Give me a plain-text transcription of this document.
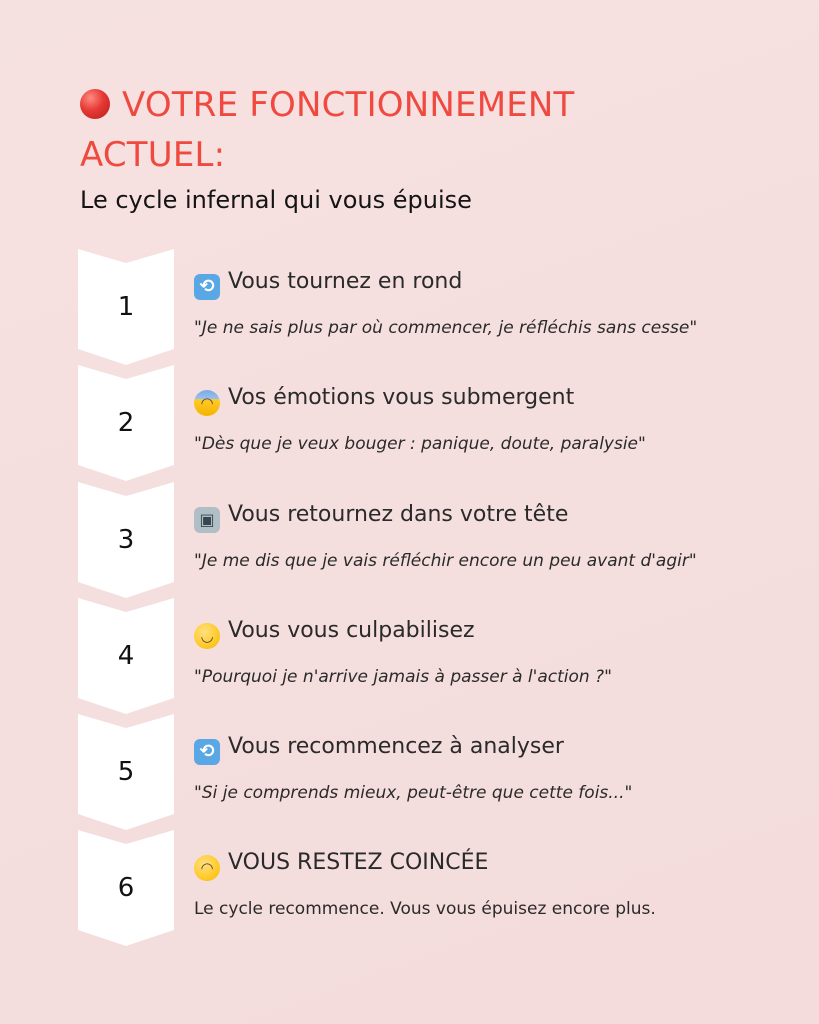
VOTRE FONCTIONNEMENT ACTUEL:
Le cycle infernal qui vous épuise
1
⟲ Vous tournez en rond
"Je ne sais plus par où commencer, je réfléchis sans cesse"
2
◠ Vos émotions vous submergent
"Dès que je veux bouger : panique, doute, paralysie"
3
▣ Vous retournez dans votre tête
"Je me dis que je vais réfléchir encore un peu avant d'agir"
4
◡ Vous vous culpabilisez
"Pourquoi je n'arrive jamais à passer à l'action ?"
5
⟲ Vous recommencez à analyser
"Si je comprends mieux, peut-être que cette fois..."
6
◠ VOUS RESTEZ COINCÉE
Le cycle recommence. Vous vous épuisez encore plus.
